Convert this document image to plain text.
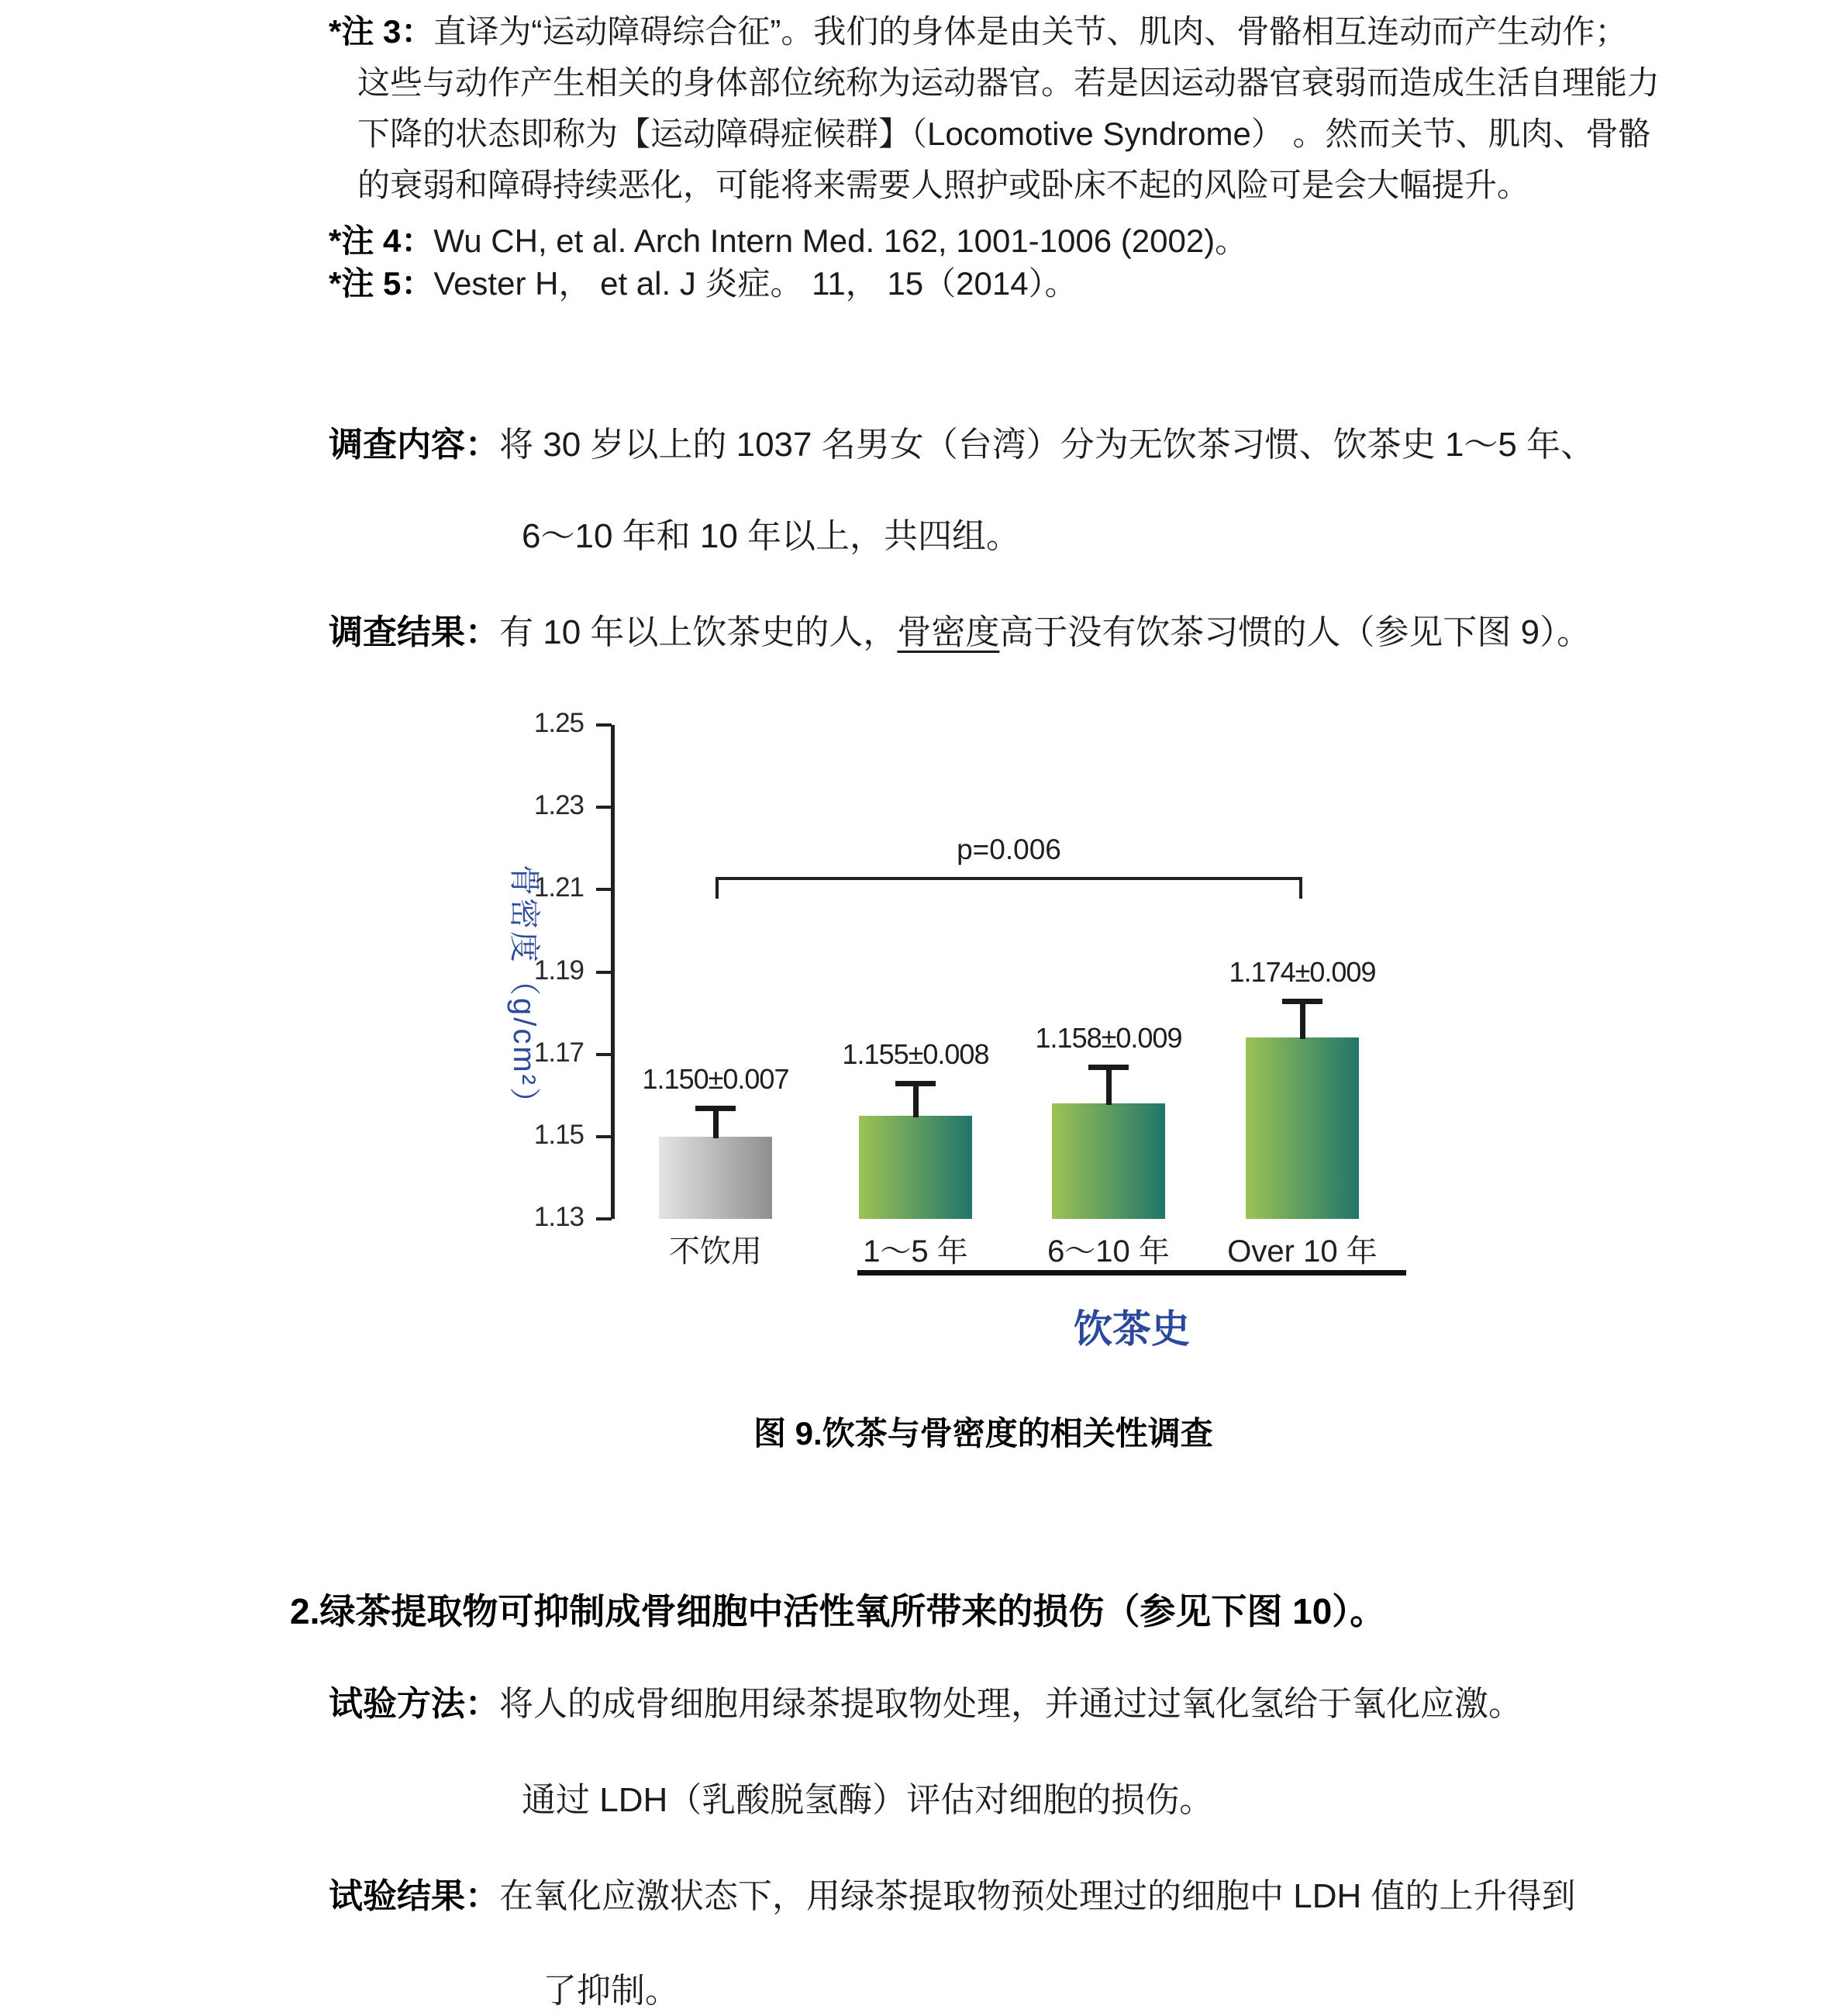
*注 3：直译为“运动障碍综合征”。我们的身体是由关节、肌肉、骨骼相互连动而产生动作；
这些与动作产生相关的身体部位统称为运动器官。若是因运动器官衰弱而造成生活自理能力
下降的状态即称为【运动障碍症候群】（Locomotive Syndrome） 。然而关节、肌肉、骨骼
的衰弱和障碍持续恶化，可能将来需要人照护或卧床不起的风险可是会大幅提升。
*注 4：Wu CH, et al. Arch Intern Med. 162, 1001-1006 (2002)。
*注 5：Vester H， et al. J 炎症。 11， 15（2014）。
调查内容：将 30 岁以上的 1037 名男女（台湾）分为无饮茶习惯、饮茶史 1～5 年、
6～10 年和 10 年以上，共四组。
调查结果：有 10 年以上饮茶史的人，骨密度高于没有饮茶习惯的人（参见下图 9）。
骨密度（g/cm²）
1.25
1.23
1.21
1.19
1.17
1.15
1.13
1.150±0.007
不饮用
1.155±0.008
1～5 年
1.158±0.009
6～10 年
1.174±0.009
Over 10 年
p=0.006
饮茶史
图 9.饮茶与骨密度的相关性调查
2.绿茶提取物可抑制成骨细胞中活性氧所带来的损伤（参见下图 10）。
试验方法：将人的成骨细胞用绿茶提取物处理，并通过过氧化氢给于氧化应激。
通过 LDH（乳酸脱氢酶）评估对细胞的损伤。
试验结果：在氧化应激状态下，用绿茶提取物预处理过的细胞中 LDH 值的上升得到
了抑制。
